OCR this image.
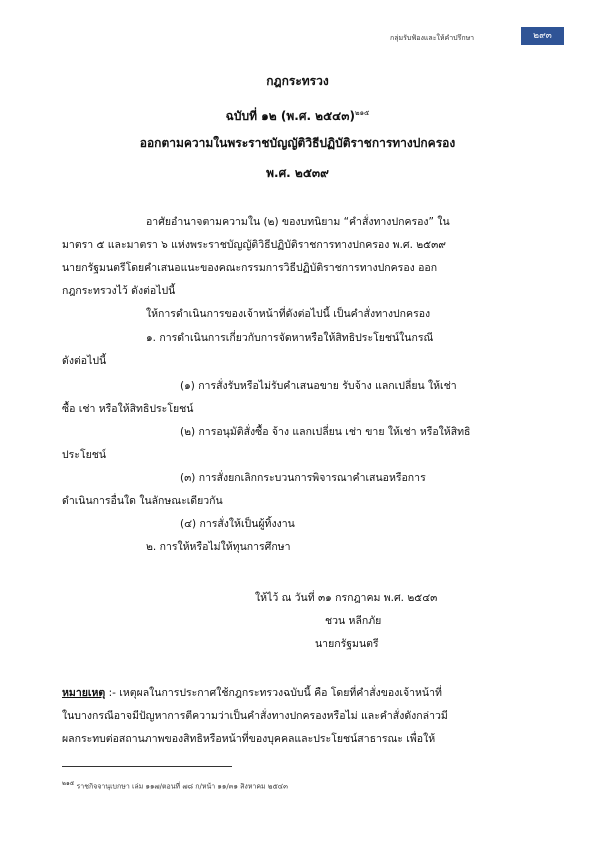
กลุ่มรับฟ้องและให้คำปรึกษา	๒๙๓
กฎกระทรวง
ฉบับที่ ๑๒ (พ.ศ. ๒๕๔๓)$^{๒๑๕}$
ออกตามความในพระราชบัญญัติวิธีปฏิบัติราชการทางปกครอง
พ.ศ. ๒๕๓๙
อาศัยอำนาจตามความใน (๒) ของบทนิยาม “คำสั่งทางปกครอง” ใน
มาตรา ๕ และมาตรา ๖ แห่งพระราชบัญญัติวิธีปฏิบัติราชการทางปกครอง พ.ศ. ๒๕๓๙
นายกรัฐมนตรีโดยคำเสนอแนะของคณะกรรมการวิธีปฏิบัติราชการทางปกครอง ออก
กฎกระทรวงไว้ ดังต่อไปนี้
ให้การดำเนินการของเจ้าหน้าที่ดังต่อไปนี้ เป็นคำสั่งทางปกครอง
๑. การดำเนินการเกี่ยวกับการจัดหาหรือให้สิทธิประโยชน์ในกรณี
ดังต่อไปนี้
(๑) การสั่งรับหรือไม่รับคำเสนอขาย รับจ้าง แลกเปลี่ยน ให้เช่า
ซื้อ เช่า หรือให้สิทธิประโยชน์
(๒) การอนุมัติสั่งซื้อ จ้าง แลกเปลี่ยน เช่า ขาย ให้เช่า หรือให้สิทธิ
ประโยชน์
(๓) การสั่งยกเลิกกระบวนการพิจารณาคำเสนอหรือการ
ดำเนินการอื่นใด ในลักษณะเดียวกัน
(๔) การสั่งให้เป็นผู้ทิ้งงาน
๒. การให้หรือไม่ให้ทุนการศึกษา
ให้ไว้ ณ วันที่ ๓๑ กรกฎาคม พ.ศ. ๒๕๔๓
ชวน หลีกภัย
นายกรัฐมนตรี
หมายเหตุ :- เหตุผลในการประกาศใช้กฎกระทรวงฉบับนี้ คือ โดยที่คำสั่งของเจ้าหน้าที่
ในบางกรณีอาจมีปัญหาการตีความว่าเป็นคำสั่งทางปกครองหรือไม่ และคำสั่งดังกล่าวมี
ผลกระทบต่อสถานภาพของสิทธิหรือหน้าที่ของบุคคลและประโยชน์สาธารณะ เพื่อให้
$^{๒๑๕}$ ราชกิจจานุเบกษา เล่ม ๑๑๗/ตอนที่ ๗๘ ก/หน้า ๑๑/๓๑ สิงหาคม ๒๕๔๓
